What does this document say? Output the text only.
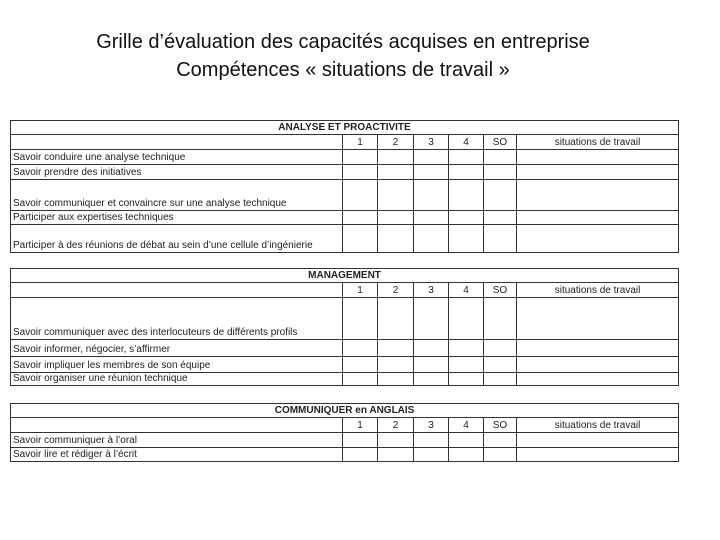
Grille d’évaluation des capacités acquises en entreprise
Compétences « situations de travail »
ANALYSE ET PROACTIVITE						
	1	2	3	4	SO	situations de travail
Savoir conduire une analyse technique						
Savoir prendre des initiatives						
Savoir communiquer et convaincre sur une analyse technique						
Participer aux expertises techniques						
Participer à des réunions de débat au sein d’une cellule d’ingénierie						
MANAGEMENT						
	1	2	3	4	SO	situations de travail
Savoir communiquer avec des interlocuteurs de différents profils						
Savoir informer, négocier, s’affirmer						
Savoir impliquer les membres de son équipe						
Savoir organiser une réunion technique						
COMMUNIQUER en ANGLAIS						
	1	2	3	4	SO	situations de travail
Savoir communiquer à l’oral						
Savoir lire et rédiger à l’écrit						
